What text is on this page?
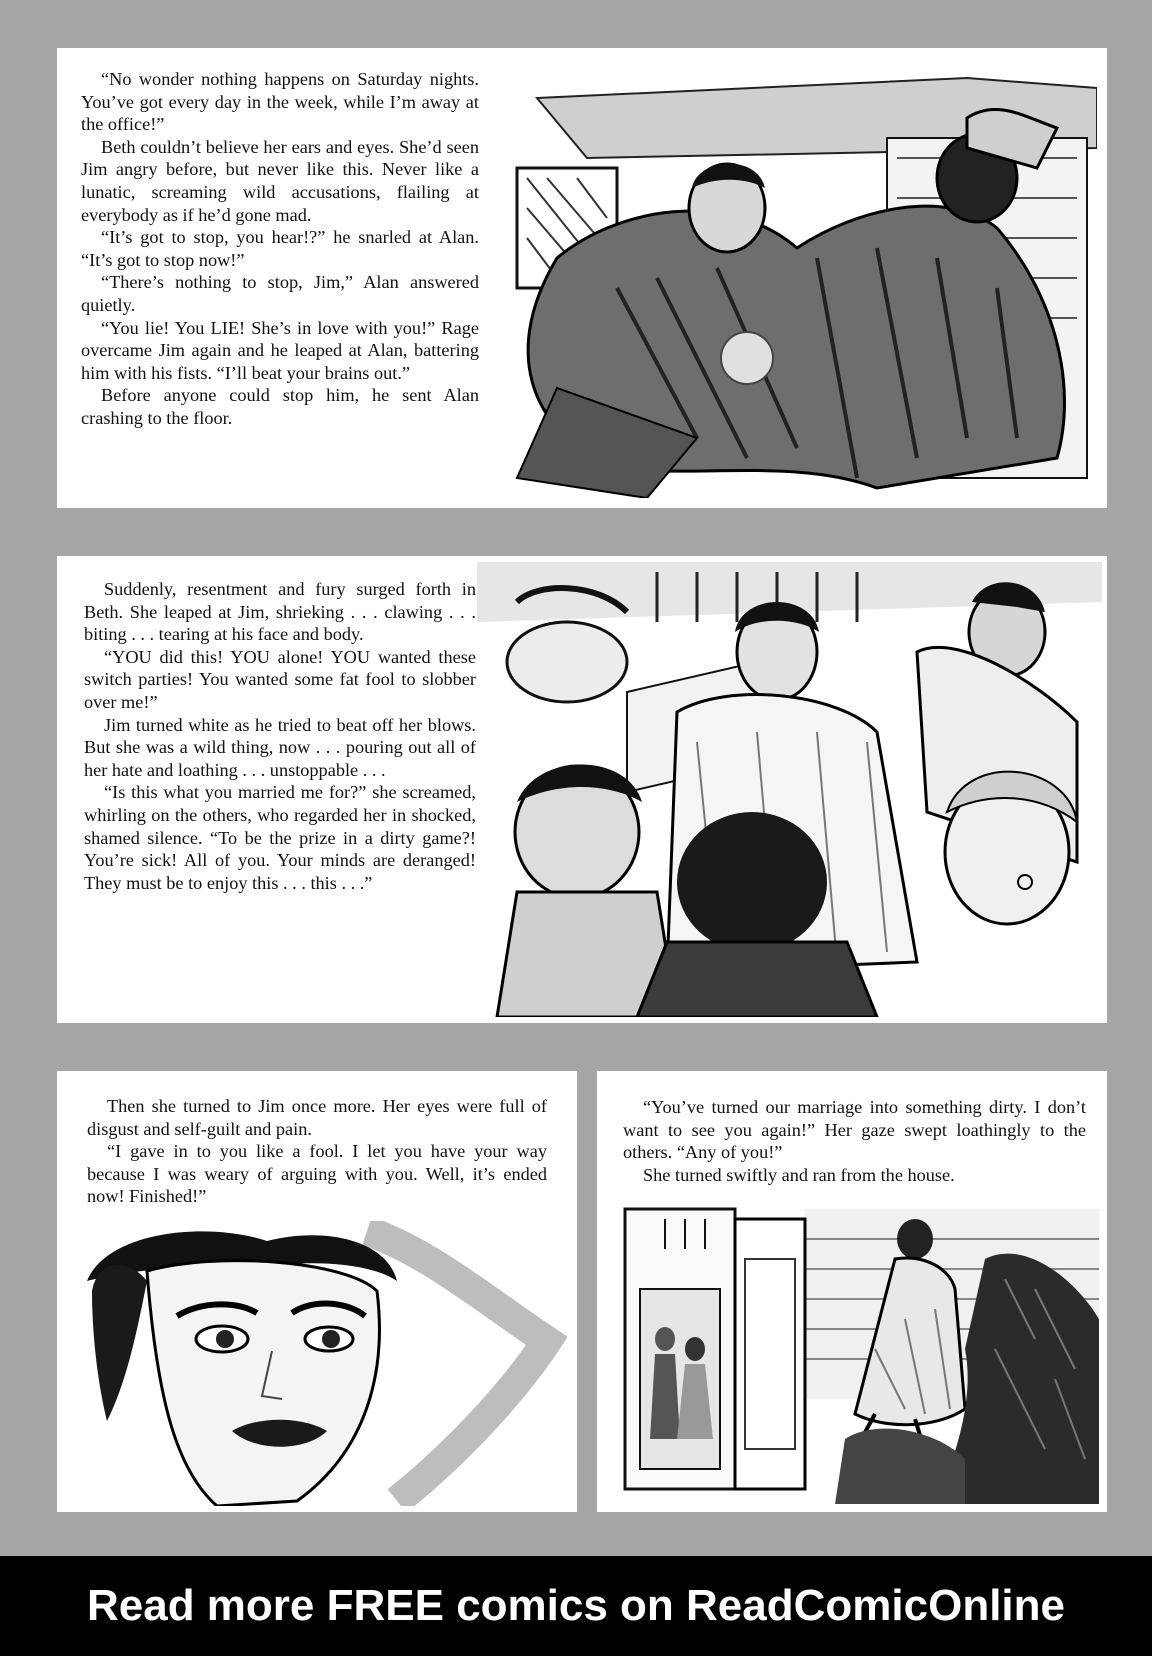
“No wonder nothing happens on Saturday nights. You’ve got every day in the week, while I’m away at the office!”

Beth couldn’t believe her ears and eyes. She’d seen Jim angry before, but never like this. Never like a lunatic, screaming wild accusations, flailing at everybody as if he’d gone mad.

“It’s got to stop, you hear!?” he snarled at Alan. “It’s got to stop now!”

“There’s nothing to stop, Jim,” Alan answered quietly.

“You lie! You LIE! She’s in love with you!” Rage overcame Jim again and he leaped at Alan, battering him with his fists. “I’ll beat your brains out.”

Before anyone could stop him, he sent Alan crashing to the floor.

Suddenly, resentment and fury surged forth in Beth. She leaped at Jim, shrieking . . . clawing . . . biting . . . tearing at his face and body.

“YOU did this! YOU alone! YOU wanted these switch parties! You wanted some fat fool to slobber over me!”

Jim turned white as he tried to beat off her blows. But she was a wild thing, now . . . pouring out all of her hate and loathing . . . unstoppable . . .

“Is this what you married me for?” she screamed, whirling on the others, who regarded her in shocked, shamed silence. “To be the prize in a dirty game?! You’re sick! All of you. Your minds are deranged! They must be to enjoy this . . . this . . .”

Then she turned to Jim once more. Her eyes were full of disgust and self-guilt and pain.

“I gave in to you like a fool. I let you have your way because I was weary of arguing with you. Well, it’s ended now! Finished!”

“You’ve turned our marriage into something dirty. I don’t want to see you again!” Her gaze swept loathingly to the others. “Any of you!”

She turned swiftly and ran from the house.

Read more FREE comics on ReadComicOnline
